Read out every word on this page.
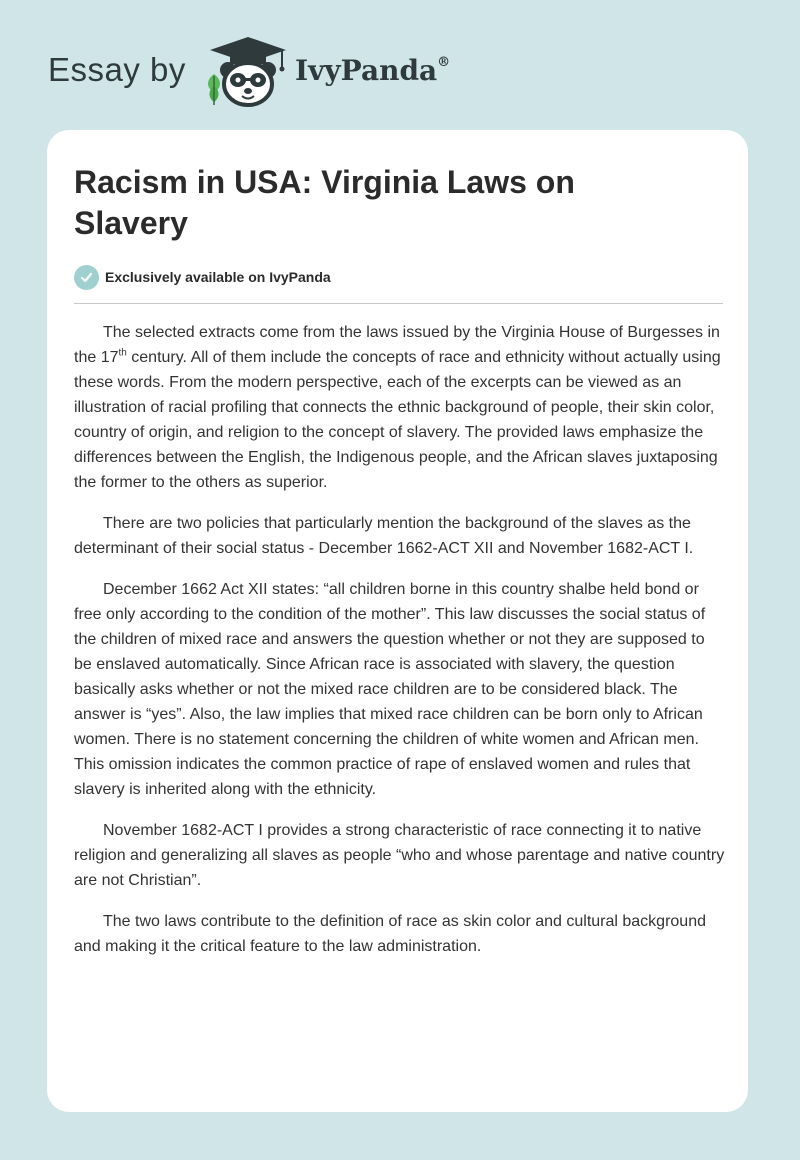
Essay by	IvyPanda®
Racism in USA: Virginia Laws on Slavery
Exclusively available on IvyPanda

The selected extracts come from the laws issued by the Virginia House of Burgesses in the 17th century. All of them include the concepts of race and ethnicity without actually using these words. From the modern perspective, each of the excerpts can be viewed as an illustration of racial profiling that connects the ethnic background of people, their skin color, country of origin, and religion to the concept of slavery. The provided laws emphasize the differences between the English, the Indigenous people, and the African slaves juxtaposing the former to the others as superior.

There are two policies that particularly mention the background of the slaves as the determinant of their social status - December 1662-ACT XII and November 1682-ACT I.

December 1662 Act XII states: “all children borne in this country shalbe held bond or free only according to the condition of the mother”. This law discusses the social status of the children of mixed race and answers the question whether or not they are supposed to be enslaved automatically. Since African race is associated with slavery, the question basically asks whether or not the mixed race children are to be considered black. The answer is “yes”. Also, the law implies that mixed race children can be born only to African women. There is no statement concerning the children of white women and African men. This omission indicates the common practice of rape of enslaved women and rules that slavery is inherited along with the ethnicity.

November 1682-ACT I provides a strong characteristic of race connecting it to native religion and generalizing all slaves as people “who and whose parentage and native country are not Christian”.

The two laws contribute to the definition of race as skin color and cultural background and making it the critical feature to the law administration.
